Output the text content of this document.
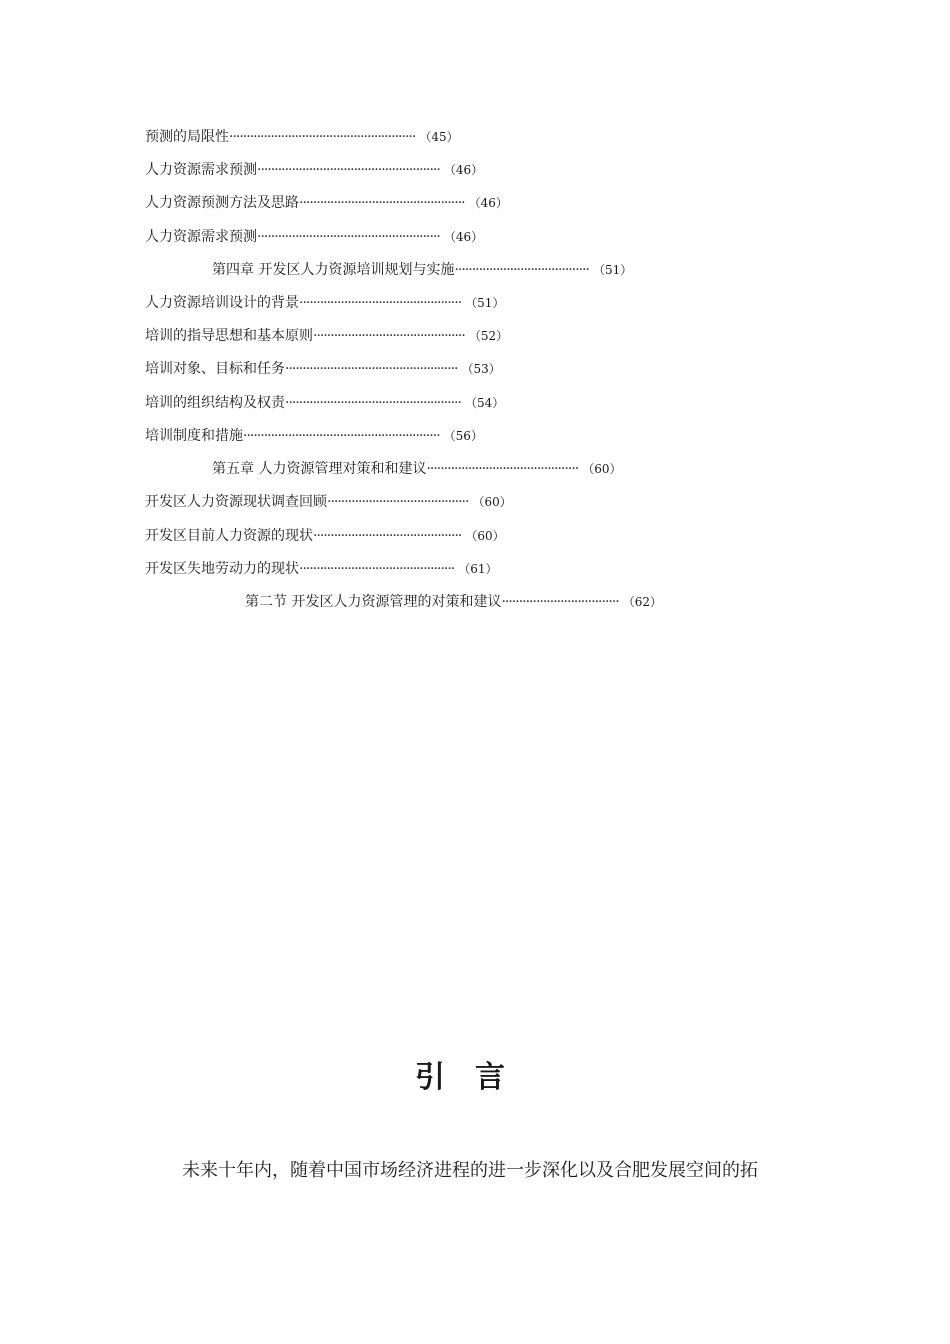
预测的局限性······················································ （45）
人力资源需求预测····················································· （46）
人力资源预测方法及思路················································ （46）
人力资源需求预测····················································· （46）
第四章 开发区人力资源培训规划与实施······································· （51）
人力资源培训设计的背景··············································· （51）
培训的指导思想和基本原则············································ （52）
培训对象、目标和任务·················································· （53）
培训的组织结构及权责··················································· （54）
培训制度和措施························································· （56）
第五章 人力资源管理对策和和建议············································ （60）
开发区人力资源现状调查回顾········································· （60）
开发区目前人力资源的现状··········································· （60）
开发区失地劳动力的现状············································· （61）
第二节 开发区人力资源管理的对策和建议·································· （62）
引言

未来十年内，随着中国市场经济进程的进一步深化以及合肥发展空间的拓
